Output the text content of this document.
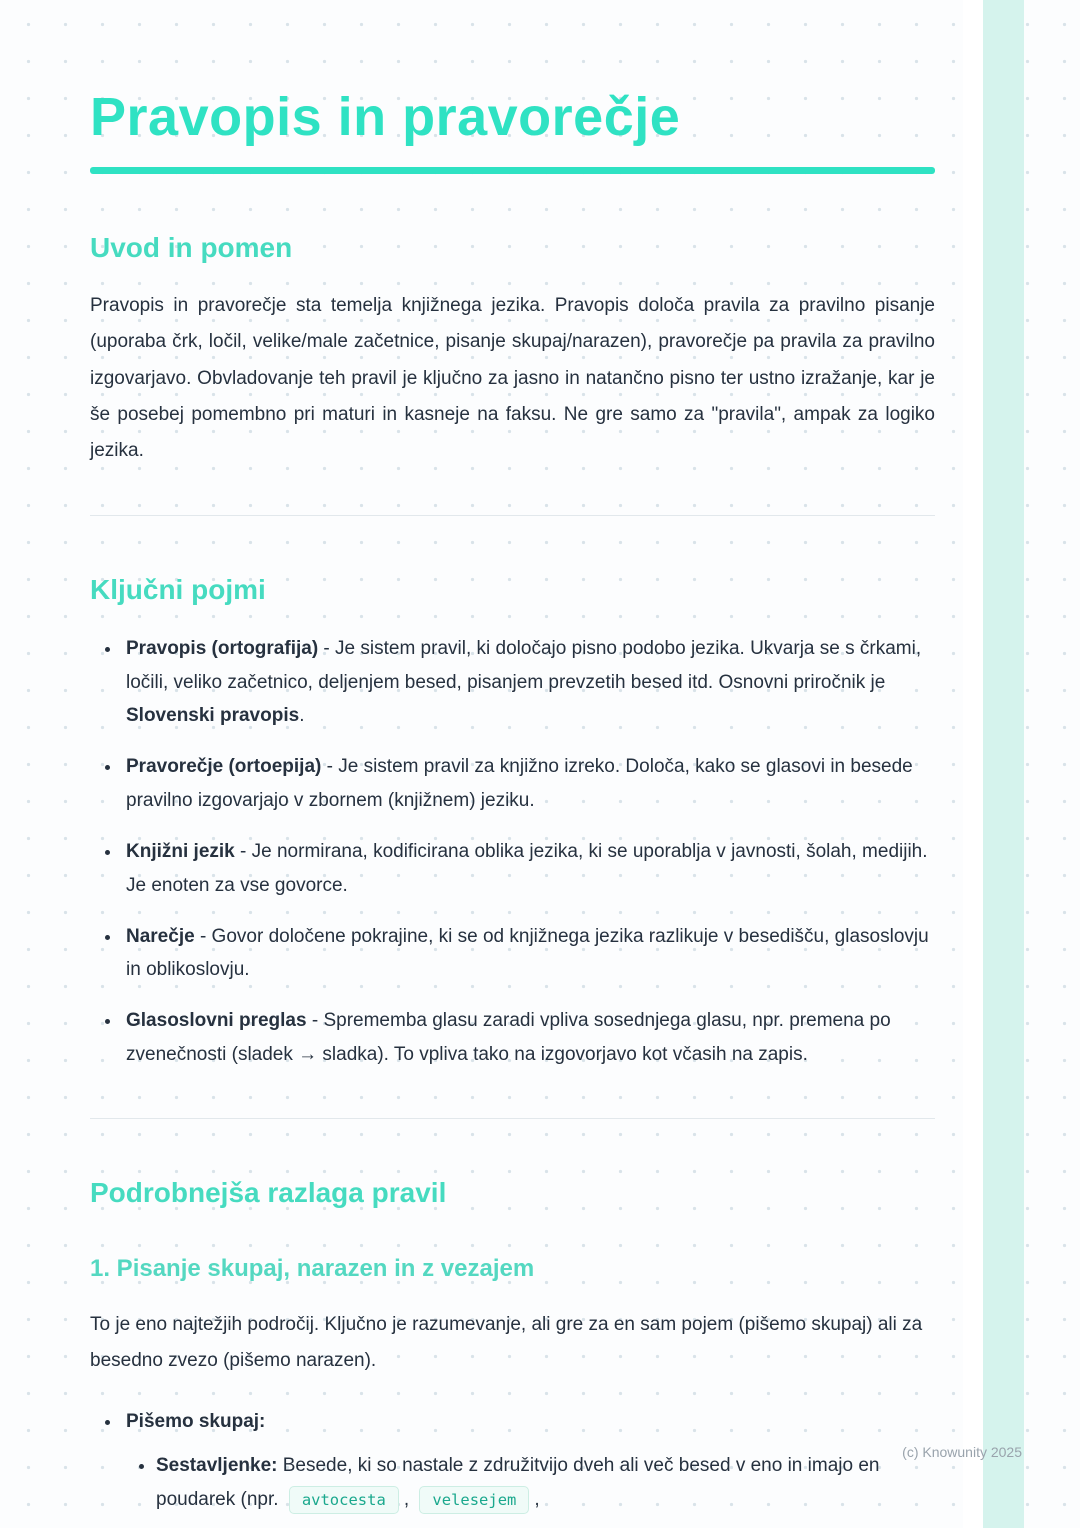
Pravopis in pravorečje
Uvod in pomen

Pravopis in pravorečje sta temelja knjižnega jezika. Pravopis določa pravila za pravilno pisanje (uporaba črk, ločil, velike/male začetnice, pisanje skupaj/narazen), pravorečje pa pravila za pravilno izgovarjavo. Obvladovanje teh pravil je ključno za jasno in natančno pisno ter ustno izražanje, kar je še posebej pomembno pri maturi in kasneje na faksu. Ne gre samo za "pravila", ampak za logiko jezika.

Ključni pojmi
• Pravopis (ortografija) - Je sistem pravil, ki določajo pisno podobo jezika. Ukvarja se s črkami, ločili, veliko začetnico, deljenjem besed, pisanjem prevzetih besed itd. Osnovni priročnik je Slovenski pravopis.
• Pravorečje (ortoepija) - Je sistem pravil za knjižno izreko. Določa, kako se glasovi in besede pravilno izgovarjajo v zbornem (knjižnem) jeziku.
• Knjižni jezik - Je normirana, kodificirana oblika jezika, ki se uporablja v javnosti, šolah, medijih. Je enoten za vse govorce.
• Narečje - Govor določene pokrajine, ki se od knjižnega jezika razlikuje v besedišču, glasoslovju in oblikoslovju.
• Glasoslovni preglas - Sprememba glasu zaradi vpliva sosednjega glasu, npr. premena po zvenečnosti (sladek → sladka). To vpliva tako na izgovorjavo kot včasih na zapis.
Podrobnejša razlaga pravil
1. Pisanje skupaj, narazen in z vezajem

To je eno najtežjih področij. Ključno je razumevanje, ali gre za en sam pojem (pišemo skupaj) ali za besedno zvezo (pišemo narazen).

• Pišemo skupaj:
• Sestavljenke: Besede, ki so nastale z združitvijo dveh ali več besed v eno in imajo en poudarek (npr. avtocesta , velesejem ,
(c) Knowunity 2025
